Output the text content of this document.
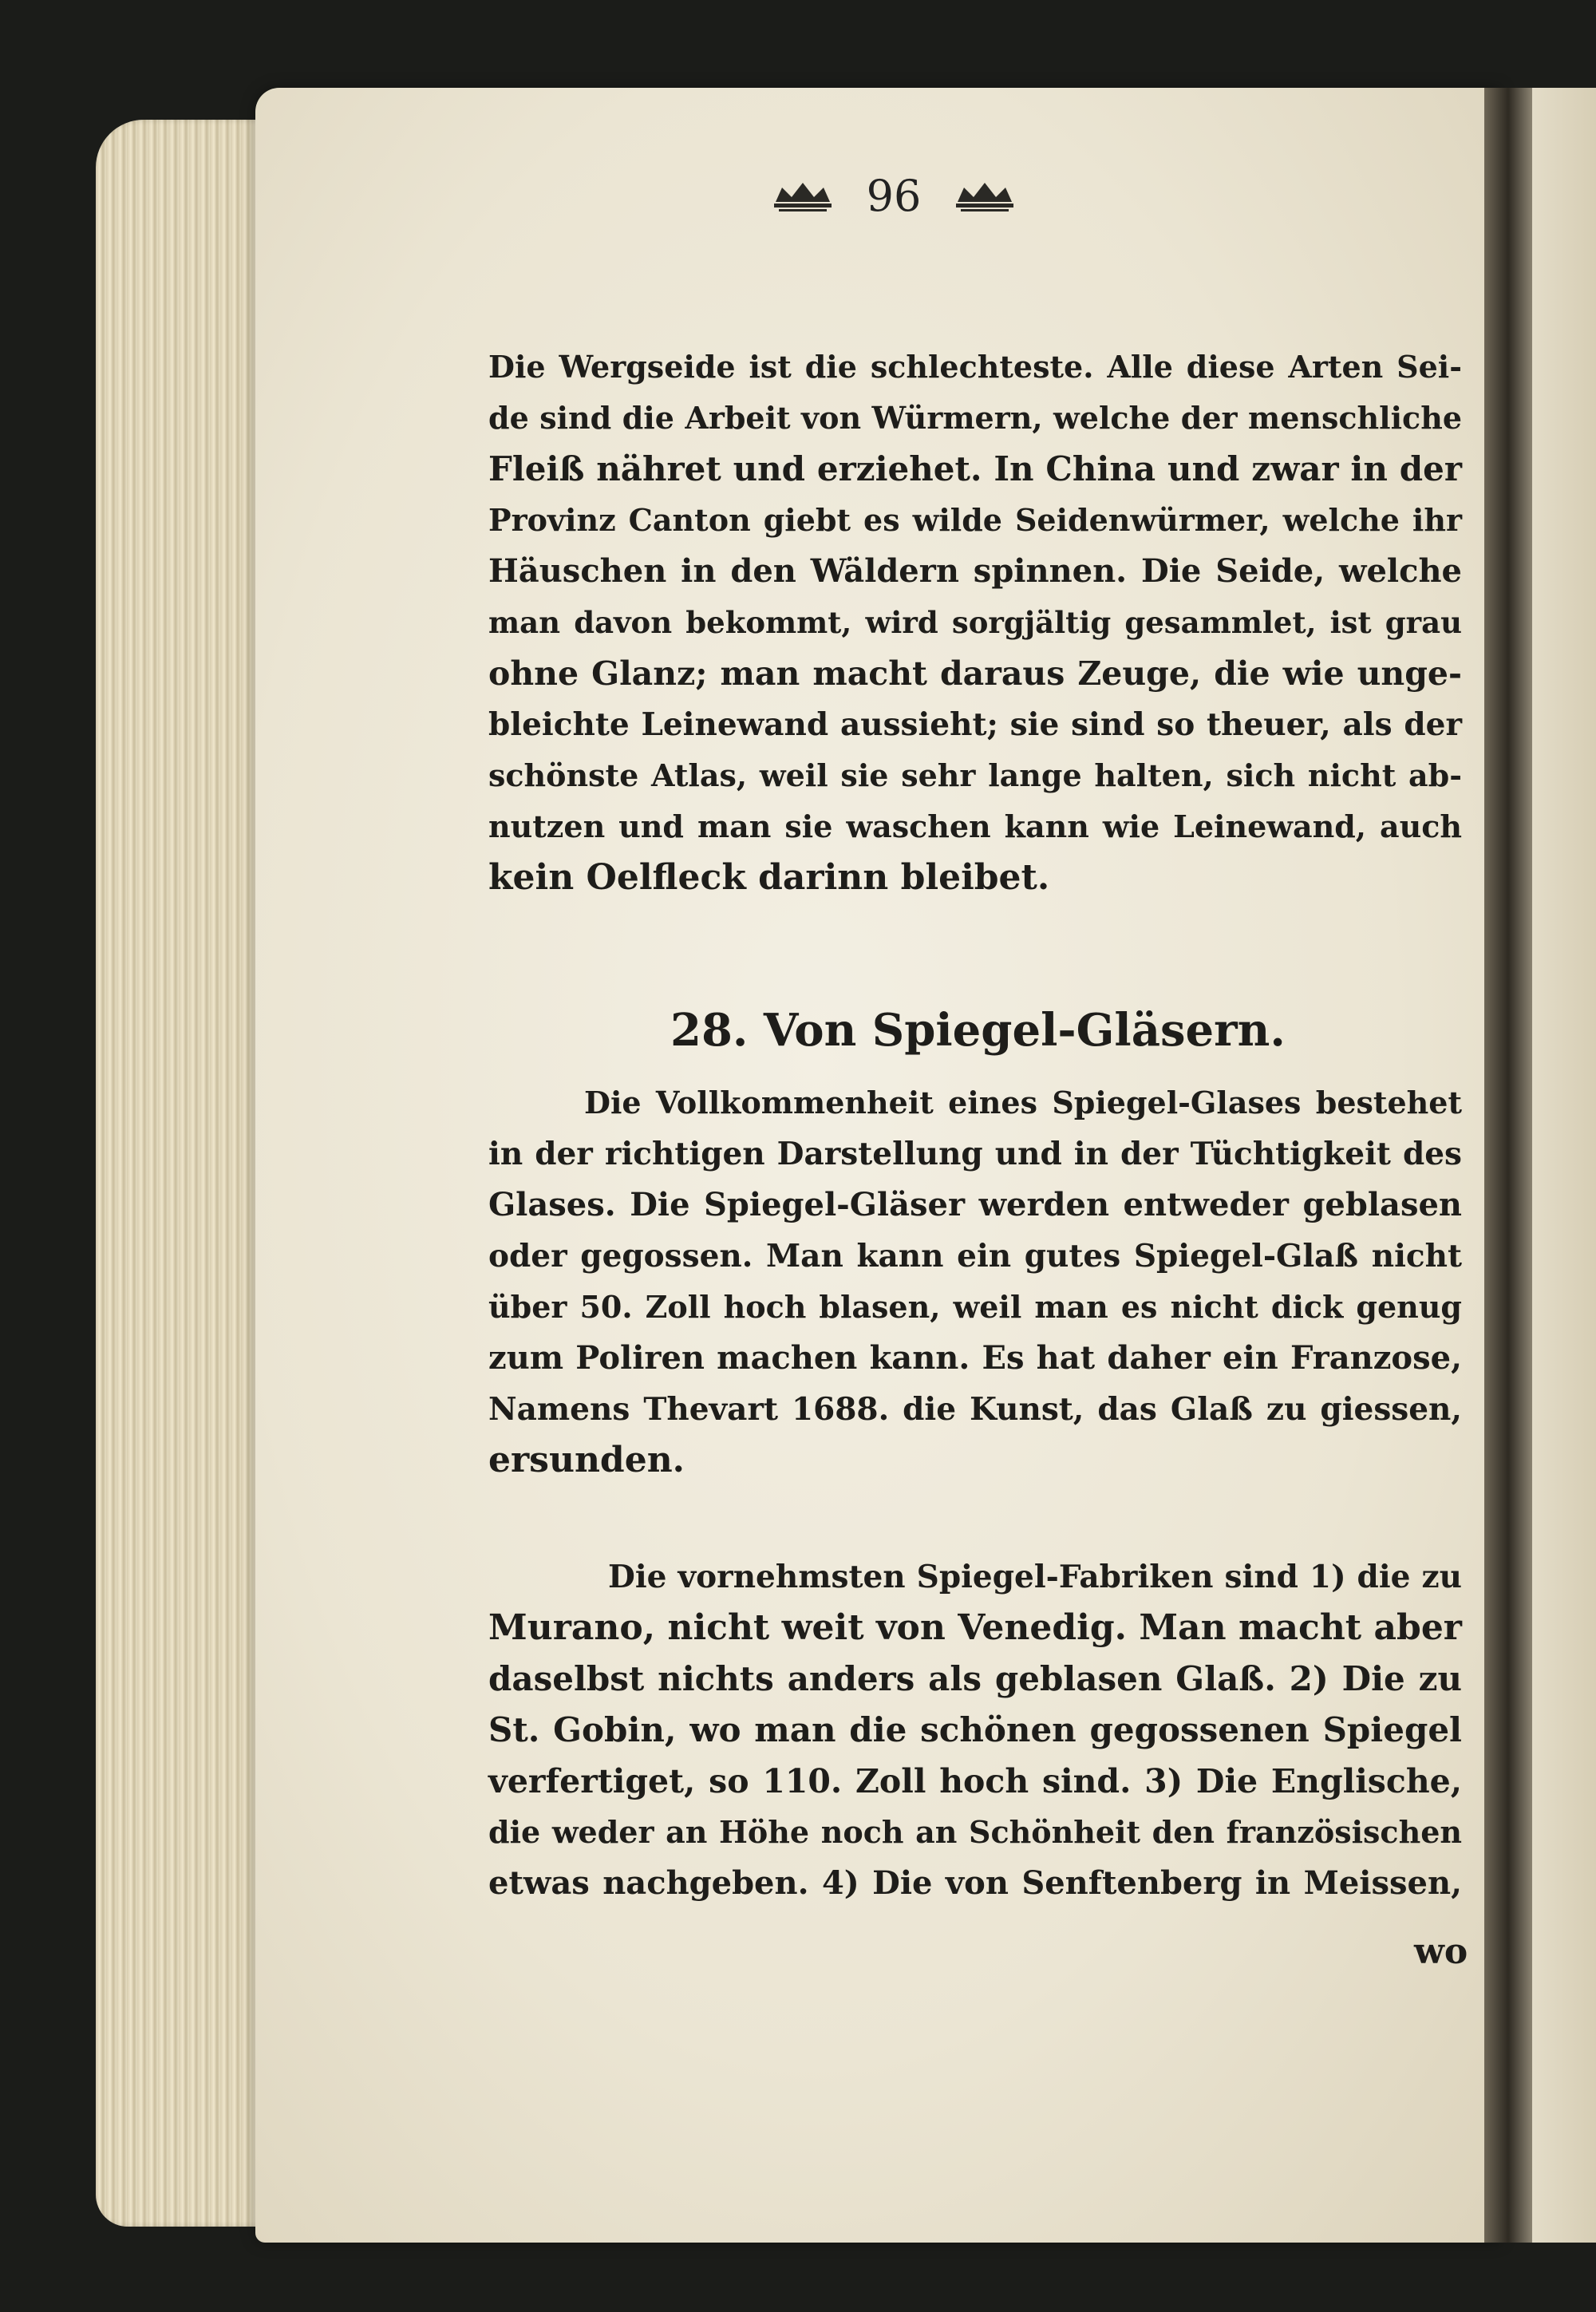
96
Die Wergseide ist die schlechteste. Alle diese Arten Sei-
de sind die Arbeit von Würmern, welche der menschliche
Fleiß nähret und erziehet. In China und zwar in der
Provinz Canton giebt es wilde Seidenwürmer, welche ihr
Häuschen in den Wäldern spinnen. Die Seide, welche
man davon bekommt, wird sorgjältig gesammlet, ist grau
ohne Glanz; man macht daraus Zeuge, die wie unge-
bleichte Leinewand aussieht; sie sind so theuer, als der
schönste Atlas, weil sie sehr lange halten, sich nicht ab-
nutzen und man sie waschen kann wie Leinewand, auch
kein Oelfleck darinn bleibet.
28. Von Spiegel-Gläsern.
Die Vollkommenheit eines Spiegel-Glases bestehet
in der richtigen Darstellung und in der Tüchtigkeit des
Glases. Die Spiegel-Gläser werden entweder geblasen
oder gegossen. Man kann ein gutes Spiegel-Glaß nicht
über 50. Zoll hoch blasen, weil man es nicht dick genug
zum Poliren machen kann. Es hat daher ein Franzose,
Namens Thevart 1688. die Kunst, das Glaß zu giessen,
ersunden.
Die vornehmsten Spiegel-Fabriken sind 1) die zu
Murano, nicht weit von Venedig. Man macht aber
daselbst nichts anders als geblasen Glaß. 2) Die zu
St. Gobin, wo man die schönen gegossenen Spiegel
verfertiget, so 110. Zoll hoch sind. 3) Die Englische,
die weder an Höhe noch an Schönheit den französischen
etwas nachgeben. 4) Die von Senftenberg in Meissen,
wo
